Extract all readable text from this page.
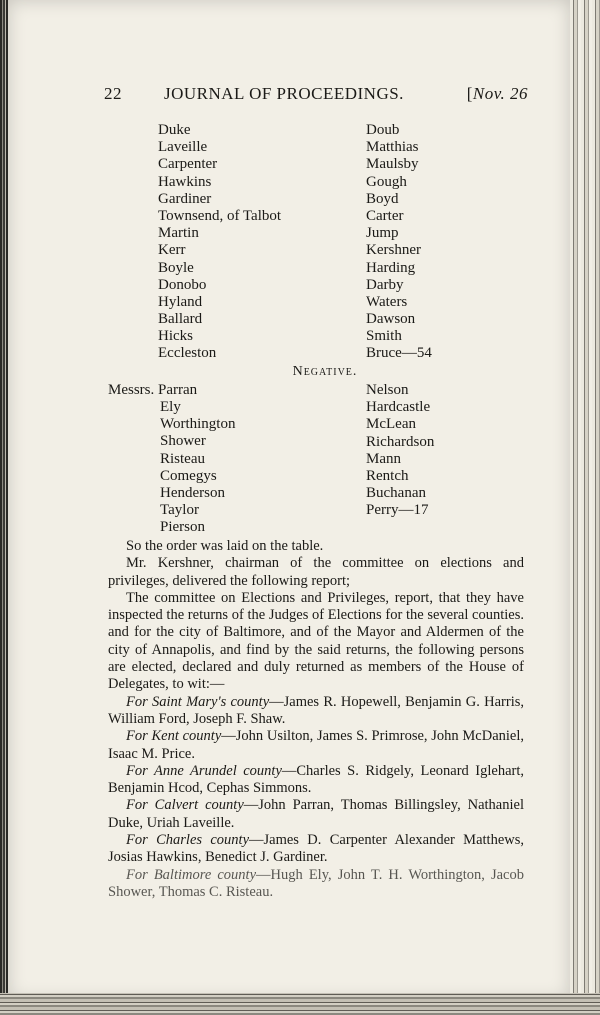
22 JOURNAL OF PROCEEDINGS.	[Nov. 26
Duke
Laveille
Carpenter
Hawkins
Gardiner
Townsend, of Talbot
Martin
Kerr
Boyle
Donobo
Hyland
Ballard
Hicks
Eccleston
Doub
Matthias
Maulsby
Gough
Boyd
Carter
Jump
Kershner
Harding
Darby
Waters
Dawson
Smith
Bruce—54
Negative.
Messrs. Parran
Ely
Worthington
Shower
Risteau
Comegys
Henderson
Taylor
Pierson
Nelson
Hardcastle
McLean
Richardson
Mann
Rentch
Buchanan
Perry—17

So the order was laid on the table.

Mr. Kershner, chairman of the committee on elections and privileges, delivered the following report;

The committee on Elections and Privileges, report, that they have inspected the returns of the Judges of Elections for the several counties. and for the city of Baltimore, and of the Mayor and Aldermen of the city of Annapolis, and find by the said returns, the following persons are elected, declared and duly returned as members of the House of Delegates, to wit:—

For Saint Mary's county—James R. Hopewell, Benjamin G. Harris, William Ford, Joseph F. Shaw.

For Kent county—John Usilton, James S. Primrose, John McDaniel, Isaac M. Price.

For Anne Arundel county—Charles S. Ridgely, Leonard Iglehart, Benjamin Hcod, Cephas Simmons.

For Calvert county—John Parran, Thomas Billingsley, Nathaniel Duke, Uriah Laveille.

For Charles county—James D. Carpenter Alexander Matthews, Josias Hawkins, Benedict J. Gardiner.

For Baltimore county—Hugh Ely, John T. H. Worthington, Jacob Shower, Thomas C. Risteau.
